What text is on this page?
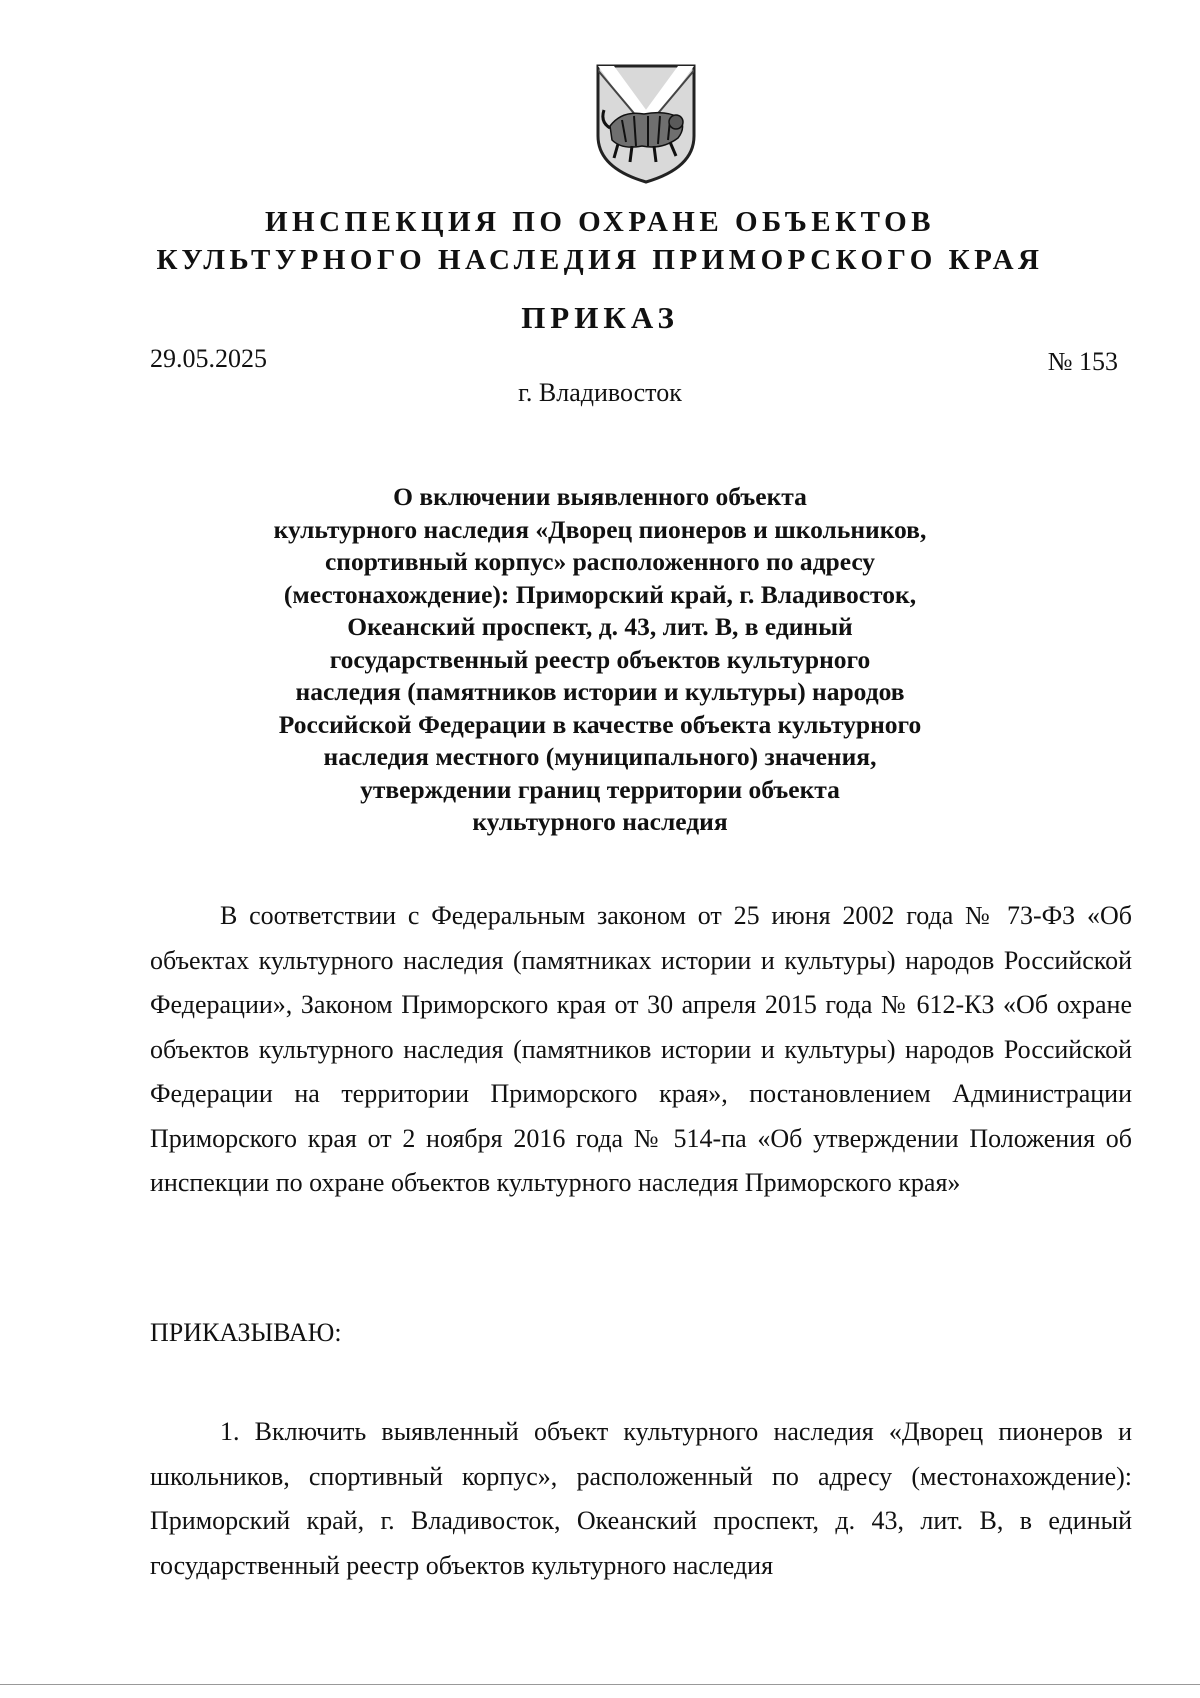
ИНСПЕКЦИЯ ПО ОХРАНЕ ОБЪЕКТОВ
КУЛЬТУРНОГО НАСЛЕДИЯ ПРИМОРСКОГО КРАЯ
ПРИКАЗ
29.05.2025	№ 153
г. Владивосток
О включении выявленного объекта
культурного наследия «Дворец пионеров и школьников,
спортивный корпус» расположенного по адресу
(местонахождение): Приморский край, г. Владивосток,
Океанский проспект, д. 43, лит. В, в единый
государственный реестр объектов культурного
наследия (памятников истории и культуры) народов
Российской Федерации в качестве объекта культурного
наследия местного (муниципального) значения,
утверждении границ территории объекта
культурного наследия
В соответствии с Федеральным законом от 25 июня 2002 года № 73-ФЗ «Об объектах культурного наследия (памятниках истории и культуры) народов Российской Федерации», Законом Приморского края от 30 апреля 2015 года № 612-КЗ «Об охране объектов культурного наследия (памятников истории и культуры) народов Российской Федерации на территории Приморского края», постановлением Администрации Приморского края от 2 ноября 2016 года № 514-па «Об утверждении Положения об инспекции по охране объектов культурного наследия Приморского края»
ПРИКАЗЫВАЮ:
1. Включить выявленный объект культурного наследия «Дворец пионеров и школьников, спортивный корпус», расположенный по адресу (местонахождение): Приморский край, г. Владивосток, Океанский проспект, д. 43, лит. В, в единый государственный реестр объектов культурного наследия
